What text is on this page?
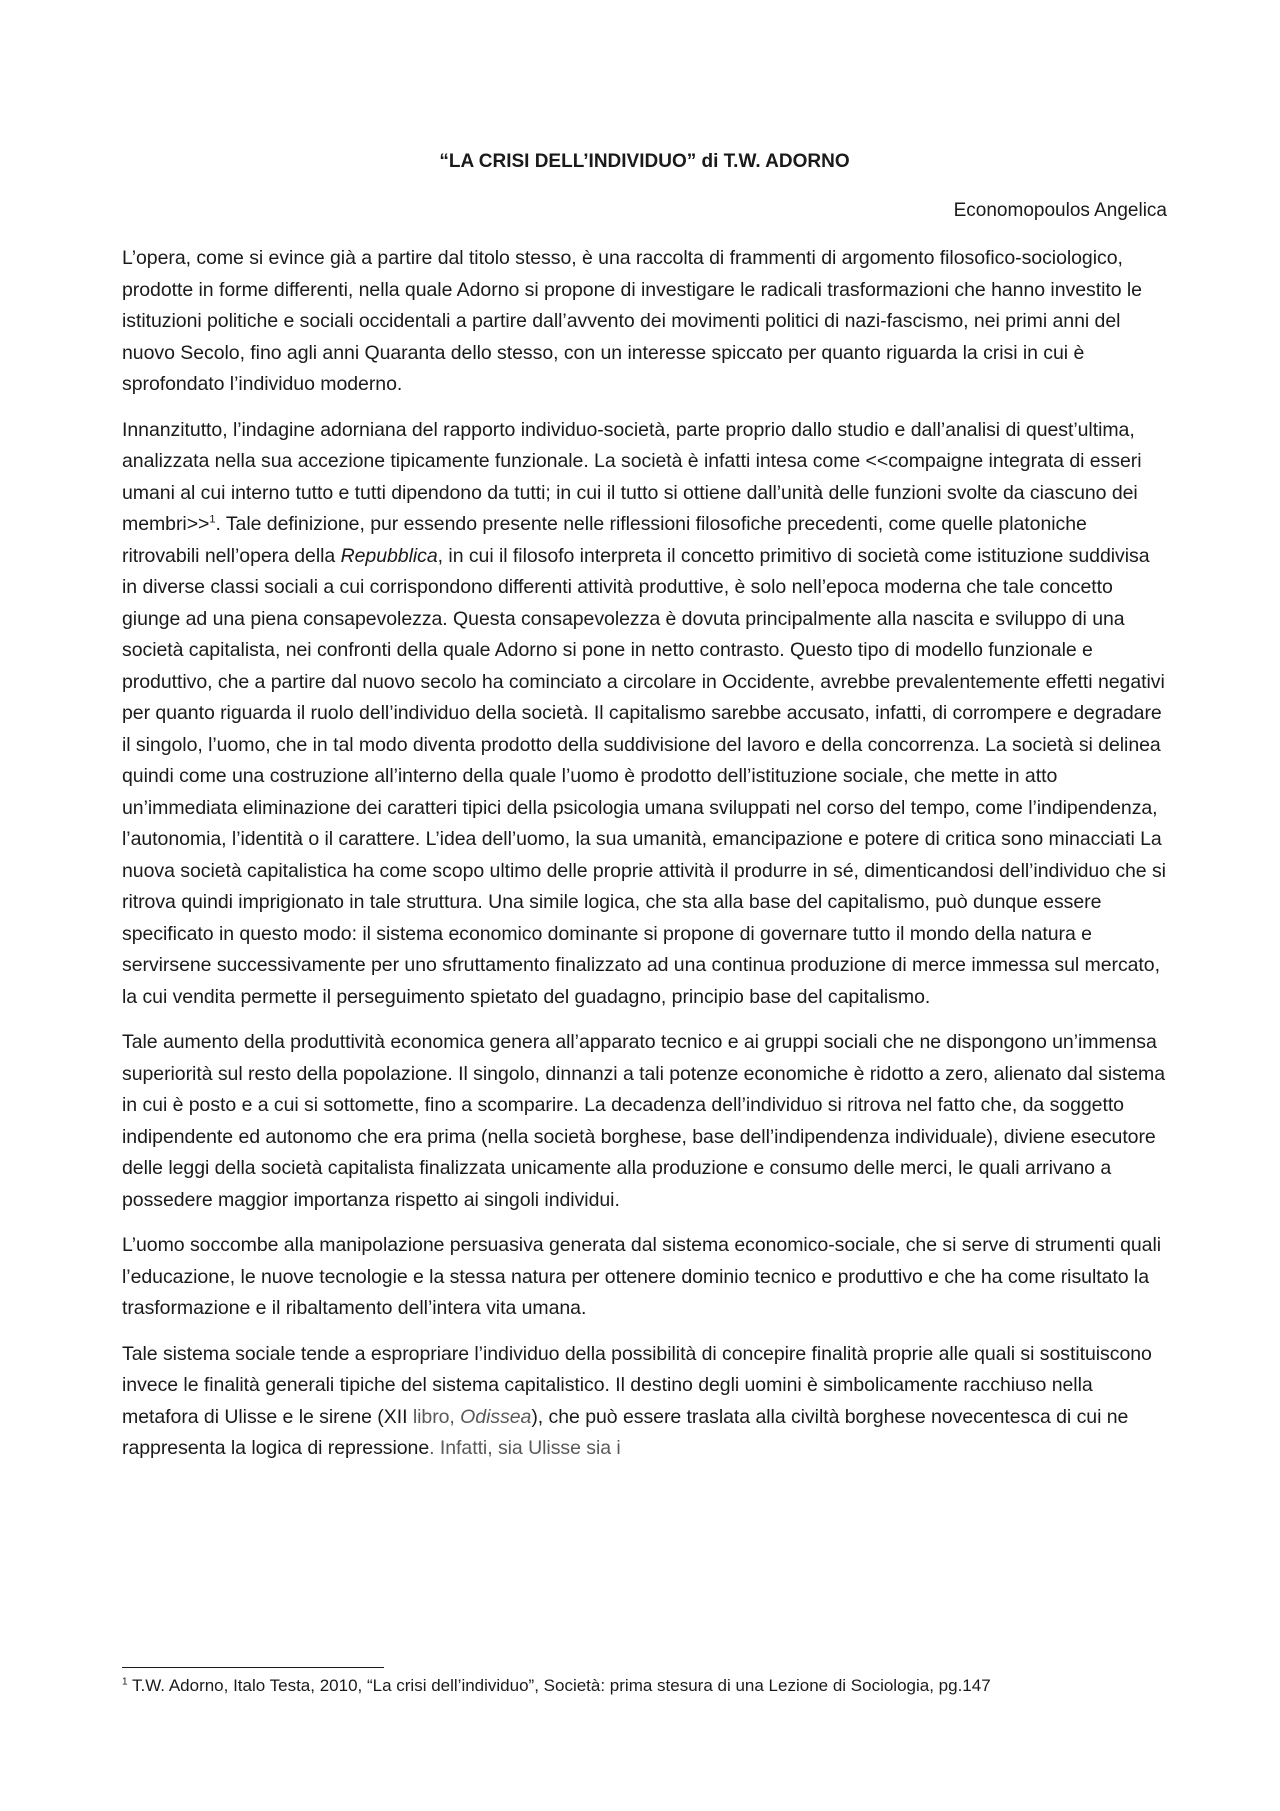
“LA CRISI DELL’INDIVIDUO” di T.W. ADORNO
Economopoulos Angelica

L’opera, come si evince già a partire dal titolo stesso, è una raccolta di frammenti di argomento filosofico-sociologico, prodotte in forme differenti, nella quale Adorno si propone di investigare le radicali trasformazioni che hanno investito le istituzioni politiche e sociali occidentali a partire dall’avvento dei movimenti politici di nazi-fascismo, nei primi anni del nuovo Secolo, fino agli anni Quaranta dello stesso, con un interesse spiccato per quanto riguarda la crisi in cui è sprofondato l’individuo moderno.

Innanzitutto, l’indagine adorniana del rapporto individuo-società, parte proprio dallo studio e dall’analisi di quest’ultima, analizzata nella sua accezione tipicamente funzionale. La società è infatti intesa come <<compaigne integrata di esseri umani al cui interno tutto e tutti dipendono da tutti; in cui il tutto si ottiene dall’unità delle funzioni svolte da ciascuno dei membri>>$^1$. Tale definizione, pur essendo presente nelle riflessioni filosofiche precedenti, come quelle platoniche ritrovabili nell’opera della Repubblica, in cui il filosofo interpreta il concetto primitivo di società come istituzione suddivisa in diverse classi sociali a cui corrispondono differenti attività produttive, è solo nell’epoca moderna che tale concetto giunge ad una piena consapevolezza. Questa consapevolezza è dovuta principalmente alla nascita e sviluppo di una società capitalista, nei confronti della quale Adorno si pone in netto contrasto. Questo tipo di modello funzionale e produttivo, che a partire dal nuovo secolo ha cominciato a circolare in Occidente, avrebbe prevalentemente effetti negativi per quanto riguarda il ruolo dell’individuo della società. Il capitalismo sarebbe accusato, infatti, di corrompere e degradare il singolo, l’uomo, che in tal modo diventa prodotto della suddivisione del lavoro e della concorrenza. La società si delinea quindi come una costruzione all’interno della quale l’uomo è prodotto dell’istituzione sociale, che mette in atto un’immediata eliminazione dei caratteri tipici della psicologia umana sviluppati nel corso del tempo, come l’indipendenza, l’autonomia, l’identità o il carattere. L’idea dell’uomo, la sua umanità, emancipazione e potere di critica sono minacciati La nuova società capitalistica ha come scopo ultimo delle proprie attività il produrre in sé, dimenticandosi dell’individuo che si ritrova quindi imprigionato in tale struttura. Una simile logica, che sta alla base del capitalismo, può dunque essere specificato in questo modo: il sistema economico dominante si propone di governare tutto il mondo della natura e servirsene successivamente per uno sfruttamento finalizzato ad una continua produzione di merce immessa sul mercato, la cui vendita permette il perseguimento spietato del guadagno, principio base del capitalismo.

Tale aumento della produttività economica genera all’apparato tecnico e ai gruppi sociali che ne dispongono un’immensa superiorità sul resto della popolazione. Il singolo, dinnanzi a tali potenze economiche è ridotto a zero, alienato dal sistema in cui è posto e a cui si sottomette, fino a scomparire. La decadenza dell’individuo si ritrova nel fatto che, da soggetto indipendente ed autonomo che era prima (nella società borghese, base dell’indipendenza individuale), diviene esecutore delle leggi della società capitalista finalizzata unicamente alla produzione e consumo delle merci, le quali arrivano a possedere maggior importanza rispetto ai singoli individui.

L’uomo soccombe alla manipolazione persuasiva generata dal sistema economico-sociale, che si serve di strumenti quali l’educazione, le nuove tecnologie e la stessa natura per ottenere dominio tecnico e produttivo e che ha come risultato la trasformazione e il ribaltamento dell’intera vita umana.

Tale sistema sociale tende a espropriare l’individuo della possibilità di concepire finalità proprie alle quali si sostituiscono invece le finalità generali tipiche del sistema capitalistico. Il destino degli uomini è simbolicamente racchiuso nella metafora di Ulisse e le sirene (XII libro, Odissea), che può essere traslata alla civiltà borghese novecentesca di cui ne rappresenta la logica di repressione. Infatti, sia Ulisse sia i

$^1$ T.W. Adorno, Italo Testa, 2010, “La crisi dell’individuo”, Società: prima stesura di una Lezione di Sociologia, pg.147
